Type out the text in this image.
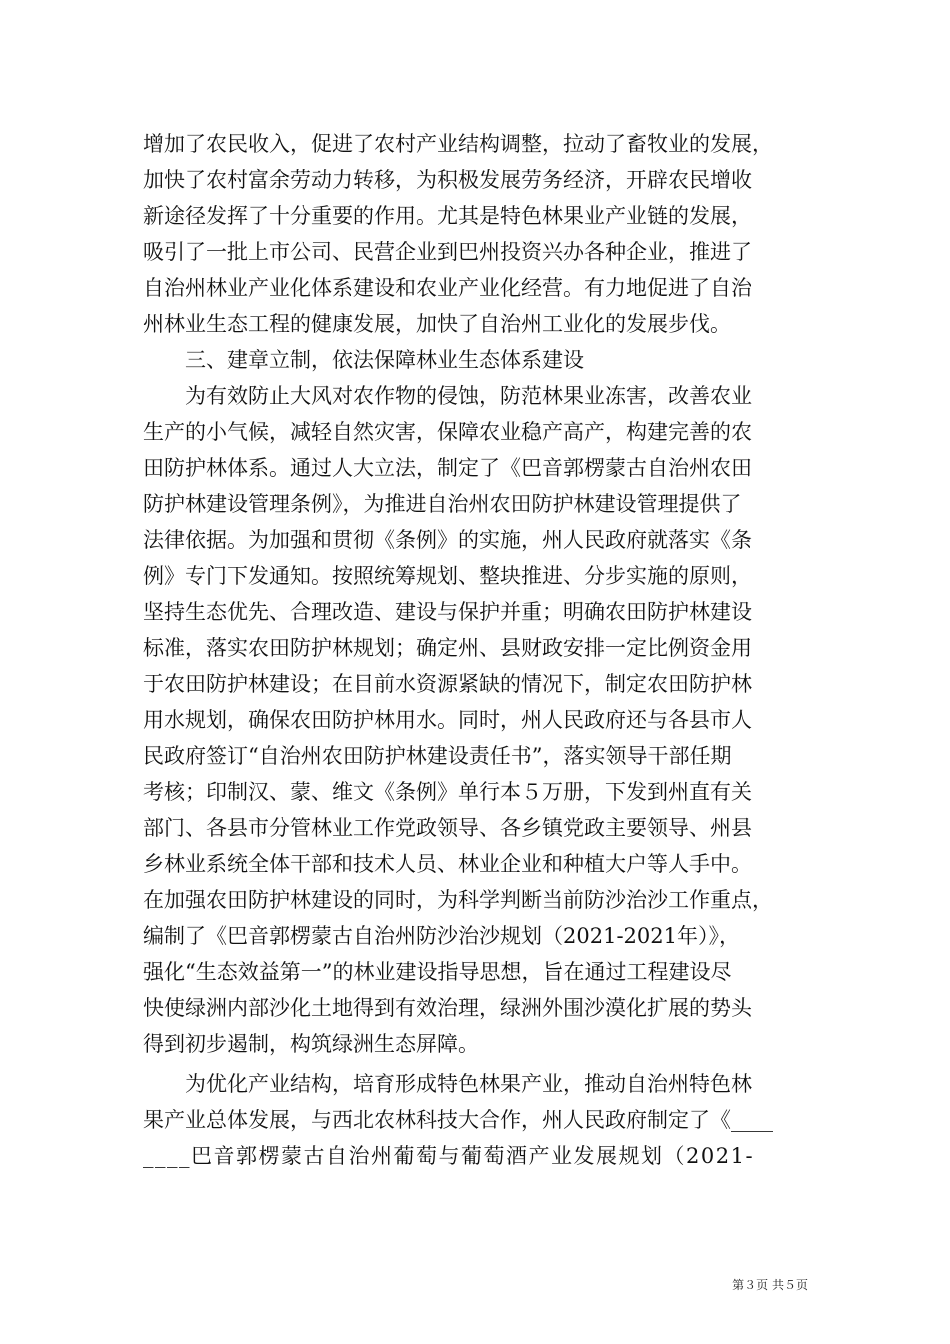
增加了农民收入，促进了农村产业结构调整，拉动了畜牧业的发展，
加快了农村富余劳动力转移，为积极发展劳务经济，开辟农民增收
新途径发挥了十分重要的作用。尤其是特色林果业产业链的发展，
吸引了一批上市公司、民营企业到巴州投资兴办各种企业，推进了
自治州林业产业化体系建设和农业产业化经营。有力地促进了自治
州林业生态工程的健康发展，加快了自治州工业化的发展步伐。
三、建章立制，依法保障林业生态体系建设
为有效防止大风对农作物的侵蚀，防范林果业冻害，改善农业
生产的小气候，减轻自然灾害，保障农业稳产高产，构建完善的农
田防护林体系。通过人大立法，制定了《巴音郭楞蒙古自治州农田
防护林建设管理条例》，为推进自治州农田防护林建设管理提供了
法律依据。为加强和贯彻《条例》的实施，州人民政府就落实《条
例》专门下发通知。按照统筹规划、整块推进、分步实施的原则，
坚持生态优先、合理改造、建设与保护并重；明确农田防护林建设
标准，落实农田防护林规划；确定州、县财政安排一定比例资金用
于农田防护林建设；在目前水资源紧缺的情况下，制定农田防护林
用水规划，确保农田防护林用水。同时，州人民政府还与各县市人
民政府签订“自治州农田防护林建设责任书”，落实领导干部任期
考核；印制汉、蒙、维文《条例》单行本５万册，下发到州直有关
部门、各县市分管林业工作党政领导、各乡镇党政主要领导、州县
乡林业系统全体干部和技术人员、林业企业和种植大户等人手中。
在加强农田防护林建设的同时，为科学判断当前防沙治沙工作重点，
编制了《巴音郭楞蒙古自治州防沙治沙规划（2021-2021年）》，
强化“生态效益第一”的林业建设指导思想，旨在通过工程建设尽
快使绿洲内部沙化土地得到有效治理，绿洲外围沙漠化扩展的势头
得到初步遏制，构筑绿洲生态屏障。
为优化产业结构，培育形成特色林果产业，推动自治州特色林
果产业总体发展，与西北农林科技大合作，州人民政府制定了《____
____巴音郭楞蒙古自治州葡萄与葡萄酒产业发展规划（2021-
第３页 共５页
